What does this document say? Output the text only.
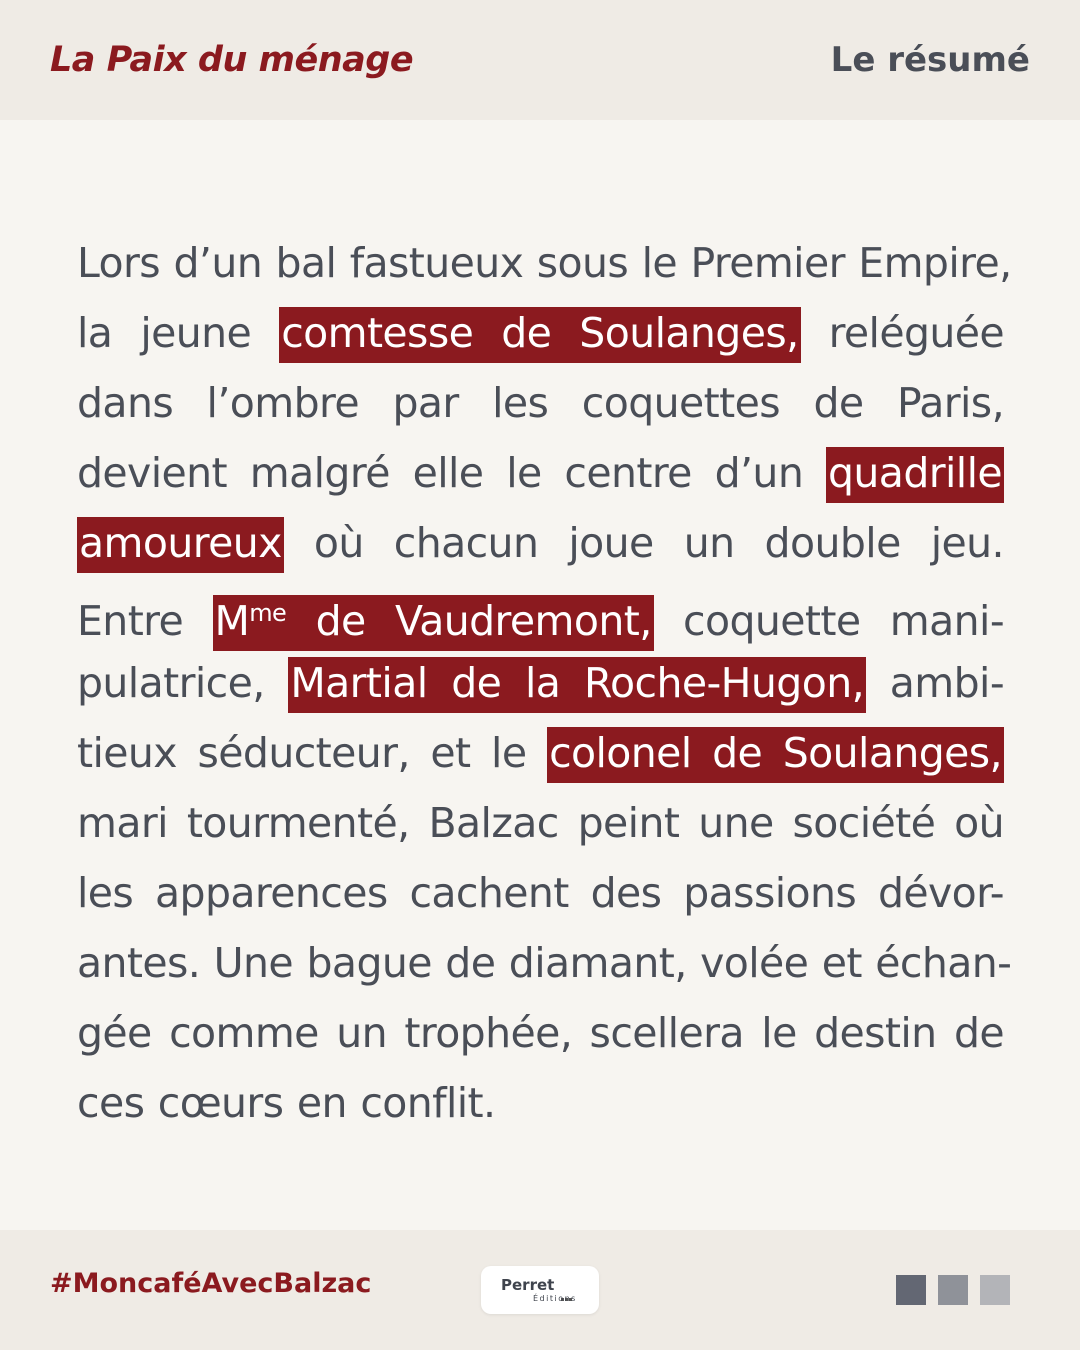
La Paix du ménage	Le résumé
Lors d’un bal fastueux sous le Premier Empire,
la jeune comtesse de Soulanges, reléguée
dans l’ombre par les coquettes de Paris,
devient malgré elle le centre d’un quadrille
amoureux où chacun joue un double jeu.
Entre $M^{me}$ de Vaudremont, coquette mani-
pulatrice, Martial de la Roche-Hugon, ambi-
tieux séducteur, et le colonel de Soulanges,
mari tourmenté, Balzac peint une société où
les apparences cachent des passions dévor-
antes. Une bague de diamant, volée et échan-
gée comme un trophée, scellera le destin de
ces cœurs en conflit.
#MoncaféAvecBalzac	Perret
Éditions
